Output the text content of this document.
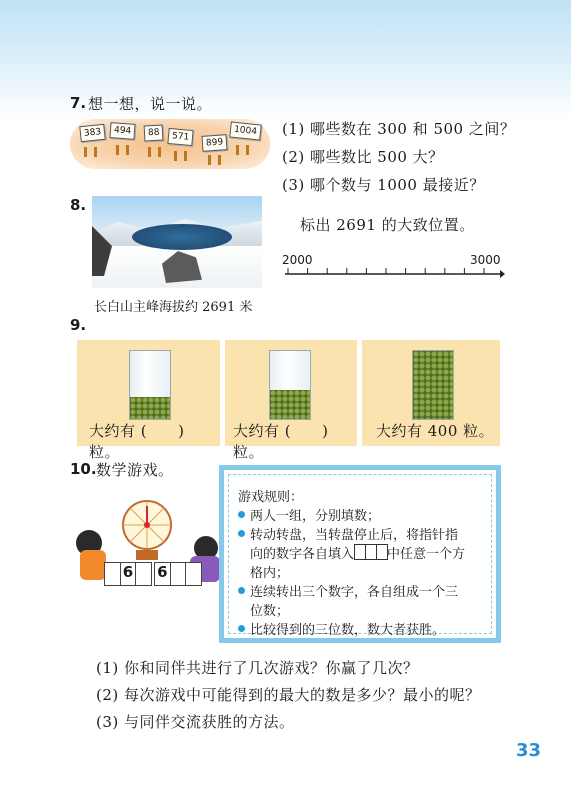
7. 想一想，说一说。
383	494	88	571
899
1004 (1) 哪些数在 300 和 500 之间？
(2) 哪些数比 500 大？
(3) 哪个数与 1000 最接近？
8.
长白山主峰海拔约 2691 米
标出 2691 的大致位置。
2000	3000
9.
大约有 (　　) 粒。
大约有 (　　) 粒。
大约有 400 粒。
10. 数学游戏。
6 6
游戏规则：
两人一组，分别填数；
转动转盘，当转盘停止后，将指针指
向的数字各自填入	中任意一个方
格内；
连续转出三个数字，各自组成一个三
位数；
比较得到的三位数，数大者获胜。
(1) 你和同伴共进行了几次游戏？你赢了几次？
(2) 每次游戏中可能得到的最大的数是多少？最小的呢？
(3) 与同伴交流获胜的方法。
33
